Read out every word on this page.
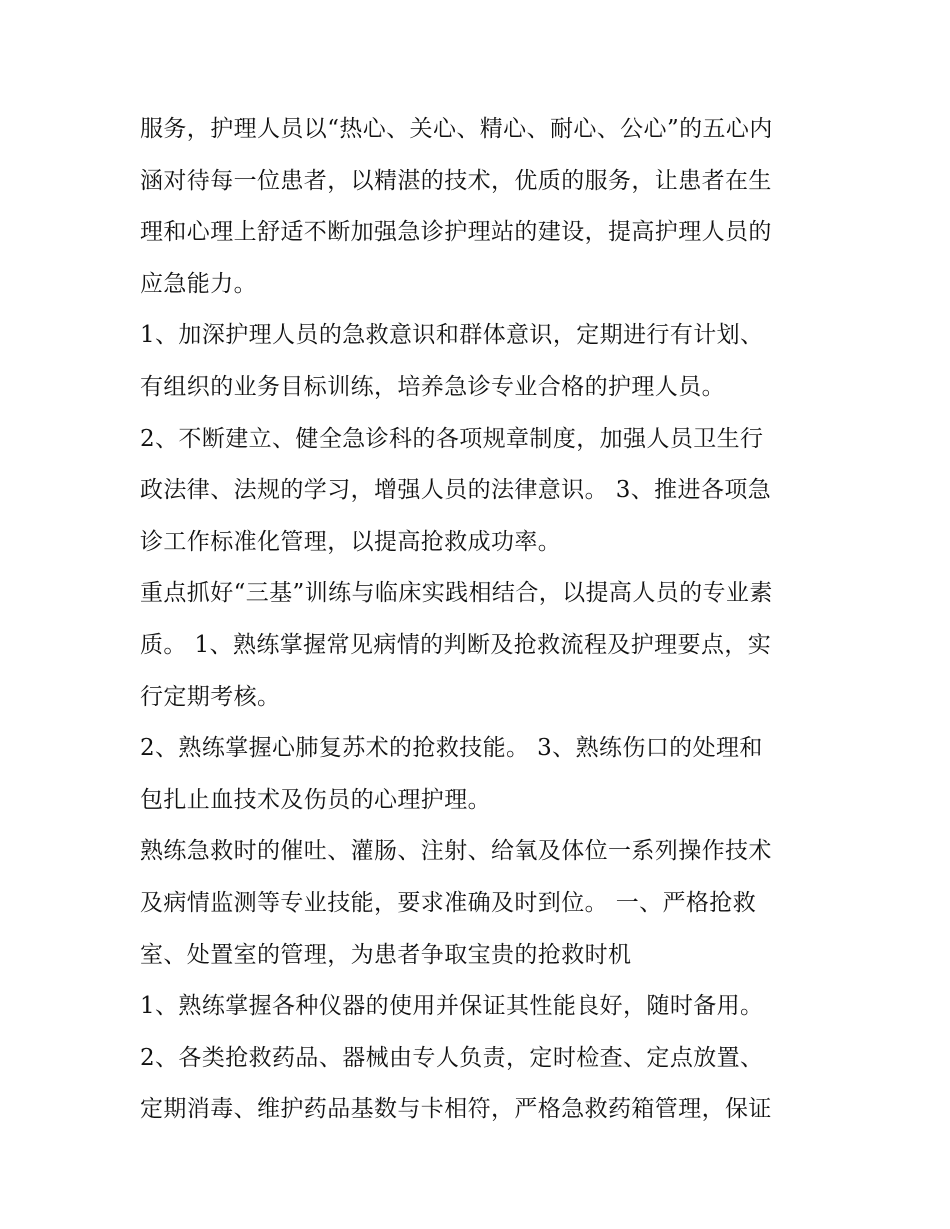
服务，护理人员以“热心、关心、精心、耐心、公心”的五心内
涵对待每一位患者，以精湛的技术，优质的服务，让患者在生
理和心理上舒适不断加强急诊护理站的建设，提高护理人员的
应急能力。
1、加深护理人员的急救意识和群体意识，定期进行有计划、
有组织的业务目标训练，培养急诊专业合格的护理人员。
2、不断建立、健全急诊科的各项规章制度，加强人员卫生行
政法律、法规的学习，增强人员的法律意识。 3、推进各项急
诊工作标准化管理，以提高抢救成功率。
重点抓好“三基”训练与临床实践相结合，以提高人员的专业素
质。 1、熟练掌握常见病情的判断及抢救流程及护理要点，实
行定期考核。
2、熟练掌握心肺复苏术的抢救技能。 3、熟练伤口的处理和
包扎止血技术及伤员的心理护理。
熟练急救时的催吐、灌肠、注射、给氧及体位一系列操作技术
及病情监测等专业技能，要求准确及时到位。 一、严格抢救
室、处置室的管理，为患者争取宝贵的抢救时机
1、熟练掌握各种仪器的使用并保证其性能良好，随时备用。
2、各类抢救药品、器械由专人负责，定时检查、定点放置、
定期消毒、维护药品基数与卡相符，严格急救药箱管理，保证
